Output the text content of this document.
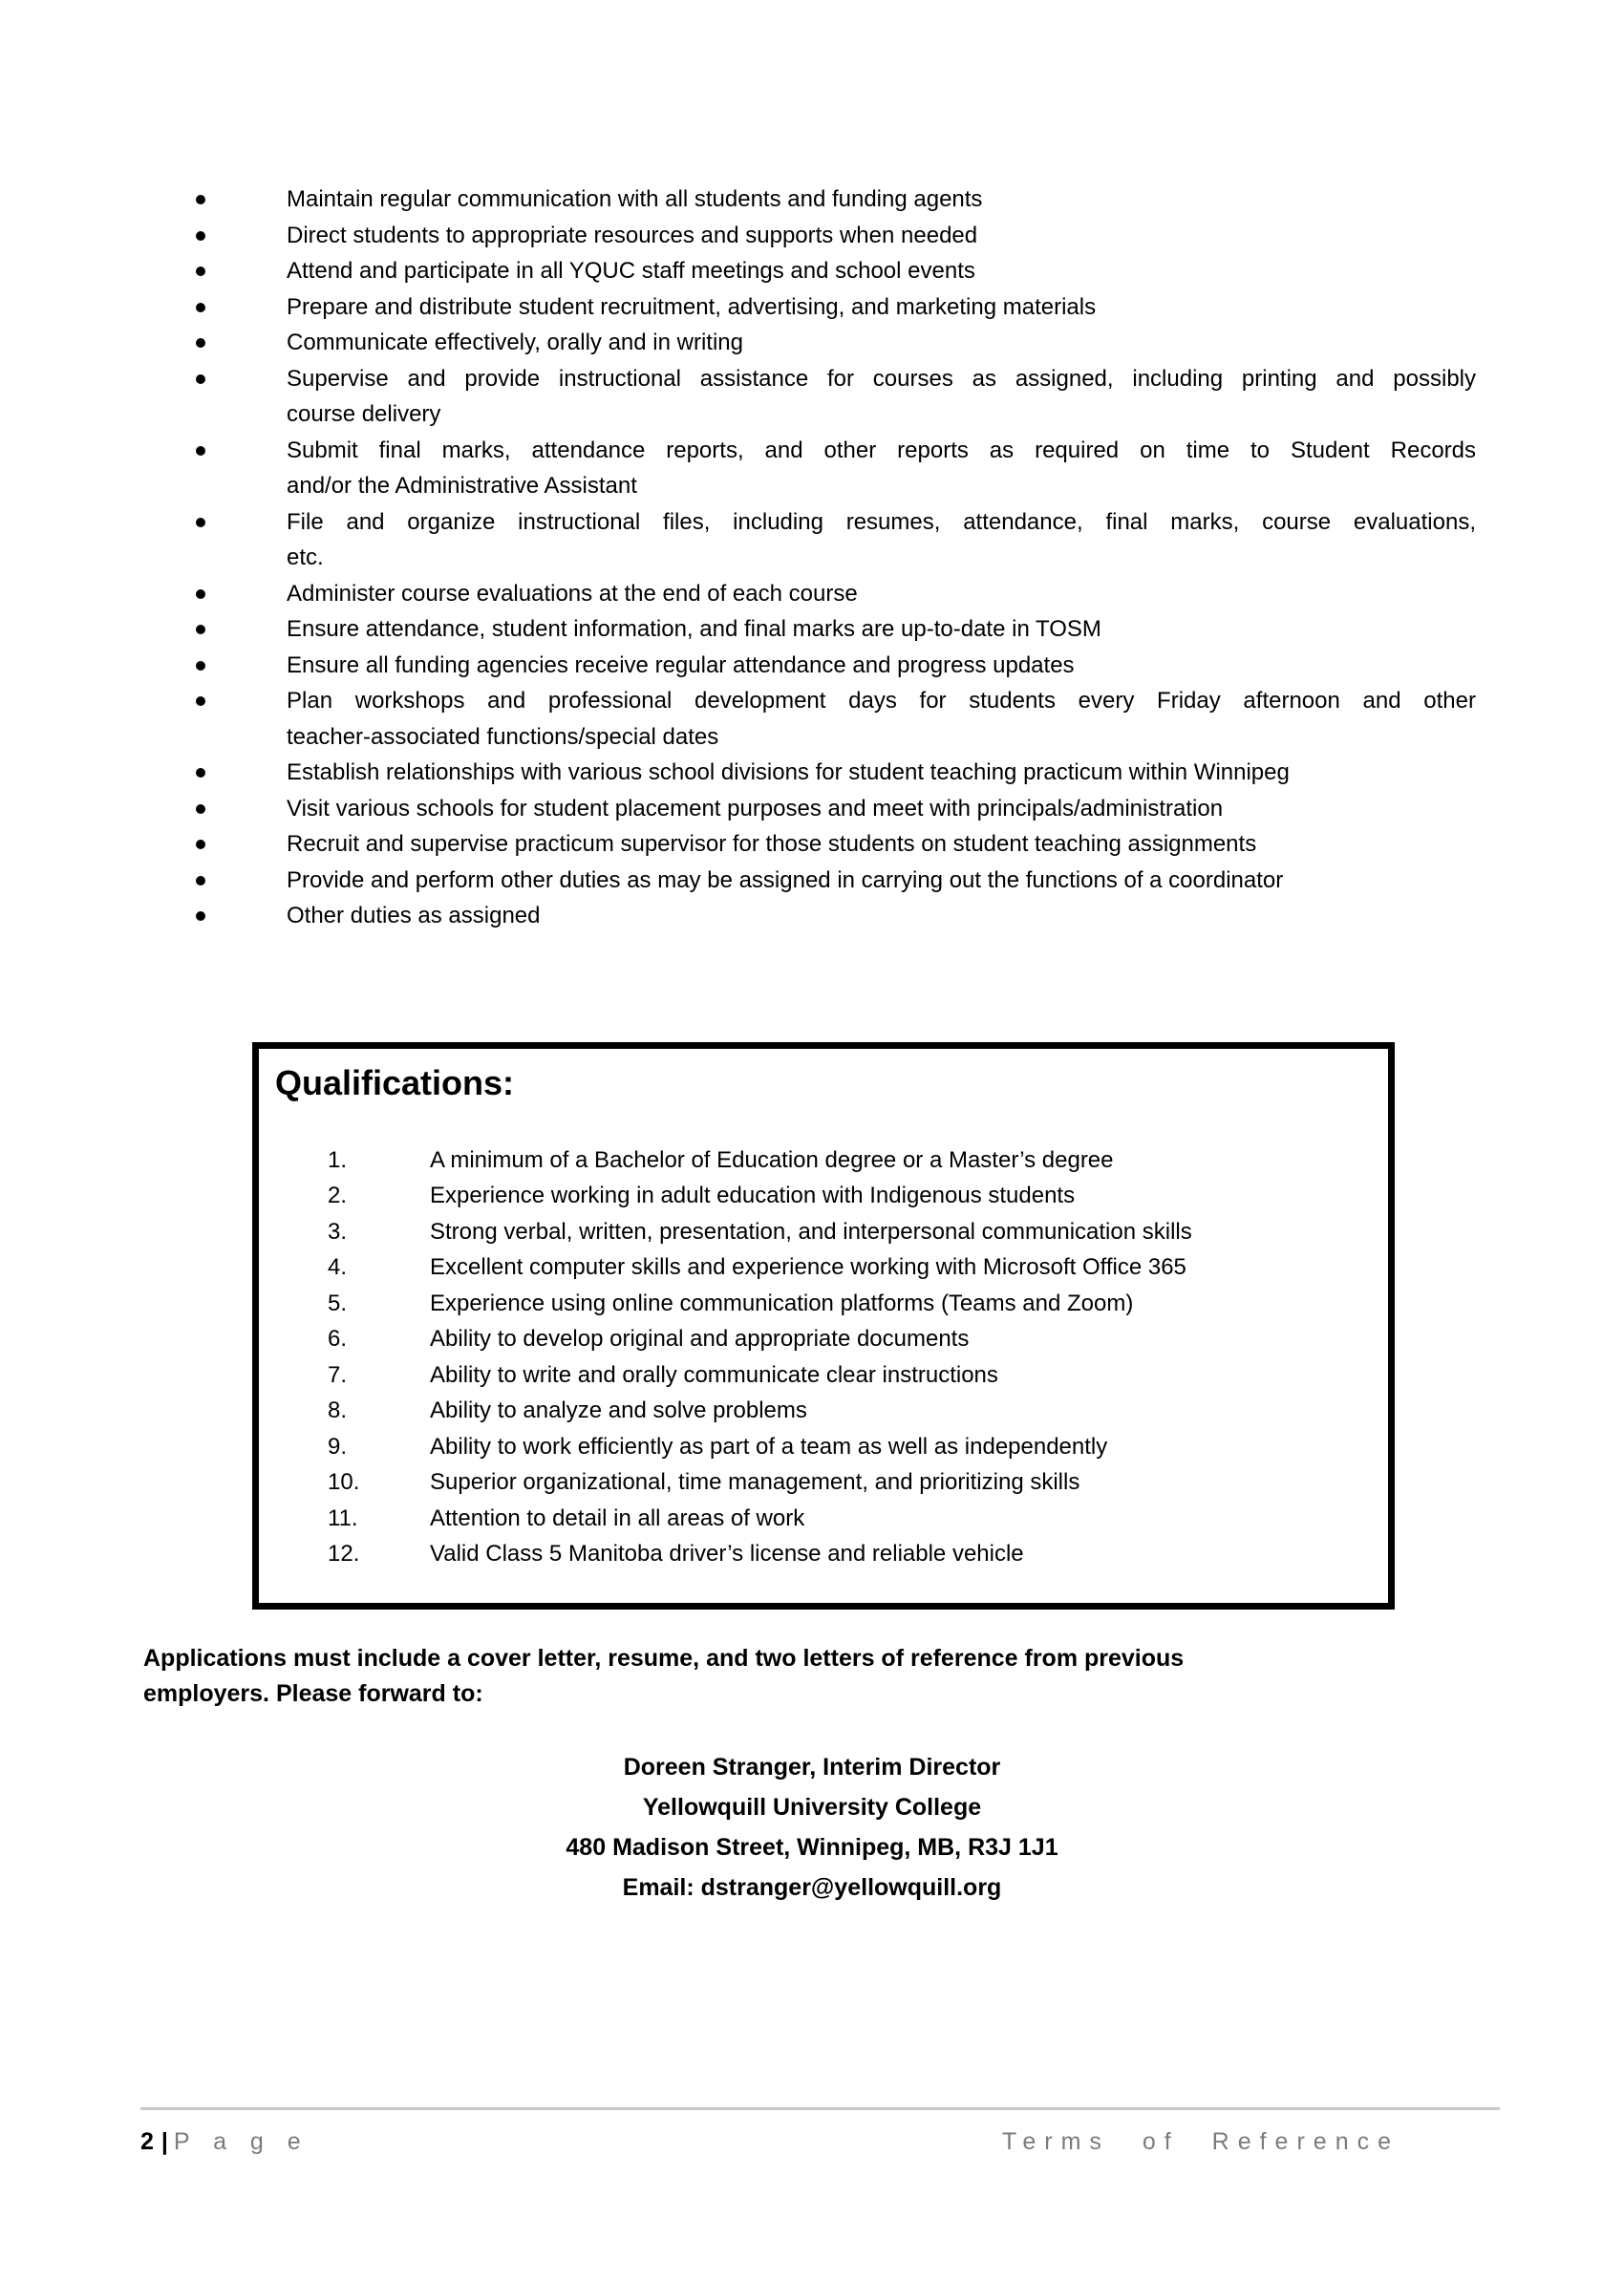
Maintain regular communication with all students and funding agents
Direct students to appropriate resources and supports when needed
Attend and participate in all YQUC staff meetings and school events
Prepare and distribute student recruitment, advertising, and marketing materials
Communicate effectively, orally and in writing
Supervise and provide instructional assistance for courses as assigned, including printing and possibly
course delivery
Submit final marks, attendance reports, and other reports as required on time to Student Records
and/or the Administrative Assistant
File and organize instructional files, including resumes, attendance, final marks, course evaluations,
etc.
Administer course evaluations at the end of each course
Ensure attendance, student information, and final marks are up-to-date in TOSM
Ensure all funding agencies receive regular attendance and progress updates
Plan workshops and professional development days for students every Friday afternoon and other
teacher-associated functions/special dates
Establish relationships with various school divisions for student teaching practicum within Winnipeg
Visit various schools for student placement purposes and meet with principals/administration
Recruit and supervise practicum supervisor for those students on student teaching assignments
Provide and perform other duties as may be assigned in carrying out the functions of a coordinator
Other duties as assigned
Qualifications:
1.	A minimum of a Bachelor of Education degree or a Master’s degree
2.	Experience working in adult education with Indigenous students
3.	Strong verbal, written, presentation, and interpersonal communication skills
4.	Excellent computer skills and experience working with Microsoft Office 365
5.	Experience using online communication platforms (Teams and Zoom)
6.	Ability to develop original and appropriate documents
7.	Ability to write and orally communicate clear instructions
8.	Ability to analyze and solve problems
9.	Ability to work efficiently as part of a team as well as independently
10.	Superior organizational, time management, and prioritizing skills
11.	Attention to detail in all areas of work
12.	Valid Class 5 Manitoba driver’s license and reliable vehicle
Applications must include a cover letter, resume, and two letters of reference from previous
employers. Please forward to:
Doreen Stranger, Interim Director
Yellowquill University College
480 Madison Street, Winnipeg, MB, R3J 1J1
Email: dstranger@yellowquill.org
2 | P a g e	Terms of Reference
